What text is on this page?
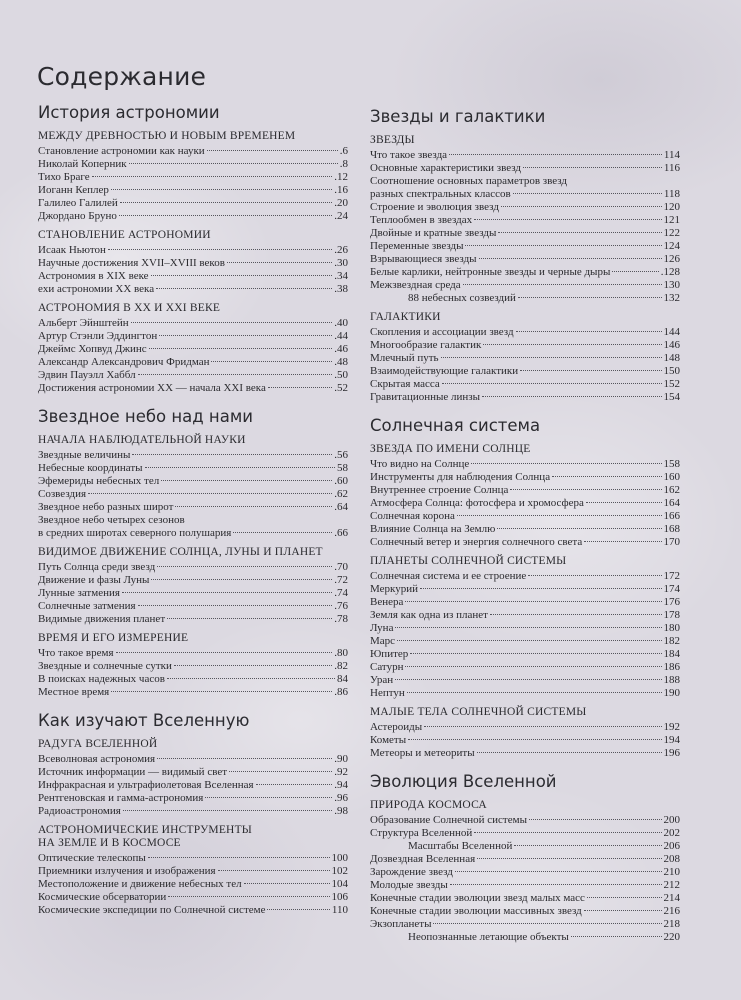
Содержание
История астрономии
МЕЖДУ ДРЕВНОСТЬЮ И НОВЫМ ВРЕМЕНЕМ
Становление астрономии как науки	.6
Николай Коперник	.8
Тихо Браге	.12
Иоганн Кеплер	.16
Галилео Галилей	.20
Джордано Бруно	.24
СТАНОВЛЕНИЕ АСТРОНОМИИ
Исаак Ньютон	.26
Научные достижения XVII–XVIII веков	.30
Астрономия в XIX веке	.34
exи астрономии XX века	.38
АСТРОНОМИЯ В XX И XXI ВЕКЕ
Альберт Эйнштейн	.40
Артур Стэнли Эддингтон	.44
Джеймс Хопвуд Джинс	.46
Александр Александрович Фридман	.48
Эдвин Пауэлл Хаббл	.50
Достижения астрономии XX — начала XXI века	.52
Звездное небо над нами
НАЧАЛА НАБЛЮДАТЕЛЬНОЙ НАУКИ
Звездные величины	.56
Небесные координаты	58
Эфемериды небесных тел	.60
Созвездия	.62
Звездное небо разных широт	.64
Звездное небо четырех сезонов
в средних широтах северного полушария	.66
ВИДИМОЕ ДВИЖЕНИЕ СОЛНЦА, ЛУНЫ И ПЛАНЕТ
Путь Солнца среди звезд	.70
Движение и фазы Луны	.72
Лунные затмения	.74
Солнечные затмения	.76
Видимые движения планет	.78
ВРЕМЯ И ЕГО ИЗМЕРЕНИЕ
Что такое время	.80
Звездные и солнечные сутки	.82
В поисках надежных часов	84
Местное время	.86
Как изучают Вселенную
РАДУГА ВСЕЛЕННОЙ
Всеволновая астрономия	.90
Источник информации — видимый свет	.92
Инфракрасная и ультрафиолетовая Вселенная	.94
Рентгеновская и гамма-астрономия	.96
Радиоастрономия	.98
АСТРОНОМИЧЕСКИЕ ИНСТРУМЕНТЫ
НА ЗЕМЛЕ И В КОСМОСЕ
Оптические телескопы	100
Приемники излучения и изображения	102
Местоположение и движение небесных тел	104
Космические обсерватории	106
Космические экспедиции по Солнечной системе	110
Звезды и галактики
ЗВЕЗДЫ
Что такое звезда	114
Основные характеристики звезд	116
Соотношение основных параметров звезд
разных спектральных классов	118
Строение и эволюция звезд	120
Теплообмен в звездах	121
Двойные и кратные звезды	122
Переменные звезды	124
Взрывающиеся звезды	126
Белые карлики, нейтронные звезды и черные дыры	.128
Межзвездная среда	130
88 небесных созвездий	132
ГАЛАКТИКИ
Скопления и ассоциации звезд	144
Многообразие галактик	146
Млечный путь	148
Взаимодействующие галактики	150
Скрытая масса	152
Гравитационные линзы	154
Солнечная система
ЗВЕЗДА ПО ИМЕНИ СОЛНЦЕ
Что видно на Солнце	158
Инструменты для наблюдения Солнца	160
Внутреннее строение Солнца	162
Атмосфера Солнца: фотосфера и хромосфера	164
Солнечная корона	166
Влияние Солнца на Землю	168
Солнечный ветер и энергия солнечного света	170
ПЛАНЕТЫ СОЛНЕЧНОЙ СИСТЕМЫ
Солнечная система и ее строение	172
Меркурий	174
Венера	176
Земля как одна из планет	178
Луна	180
Марс	182
Юпитер	184
Сатурн	186
Уран	188
Нептун	190
МАЛЫЕ ТЕЛА СОЛНЕЧНОЙ СИСТЕМЫ
Астероиды	192
Кометы	194
Метеоры и метеориты	196
Эволюция Вселенной
ПРИРОДА КОСМОСА
Образование Солнечной системы	200
Структура Вселенной	202
Масштабы Вселенной	206
Дозвездная Вселенная	208
Зарождение звезд	210
Молодые звезды	212
Конечные стадии эволюции звезд малых масс	214
Конечные стадии эволюции массивных звезд	216
Экзопланеты	218
Неопознанные летающие объекты	220
